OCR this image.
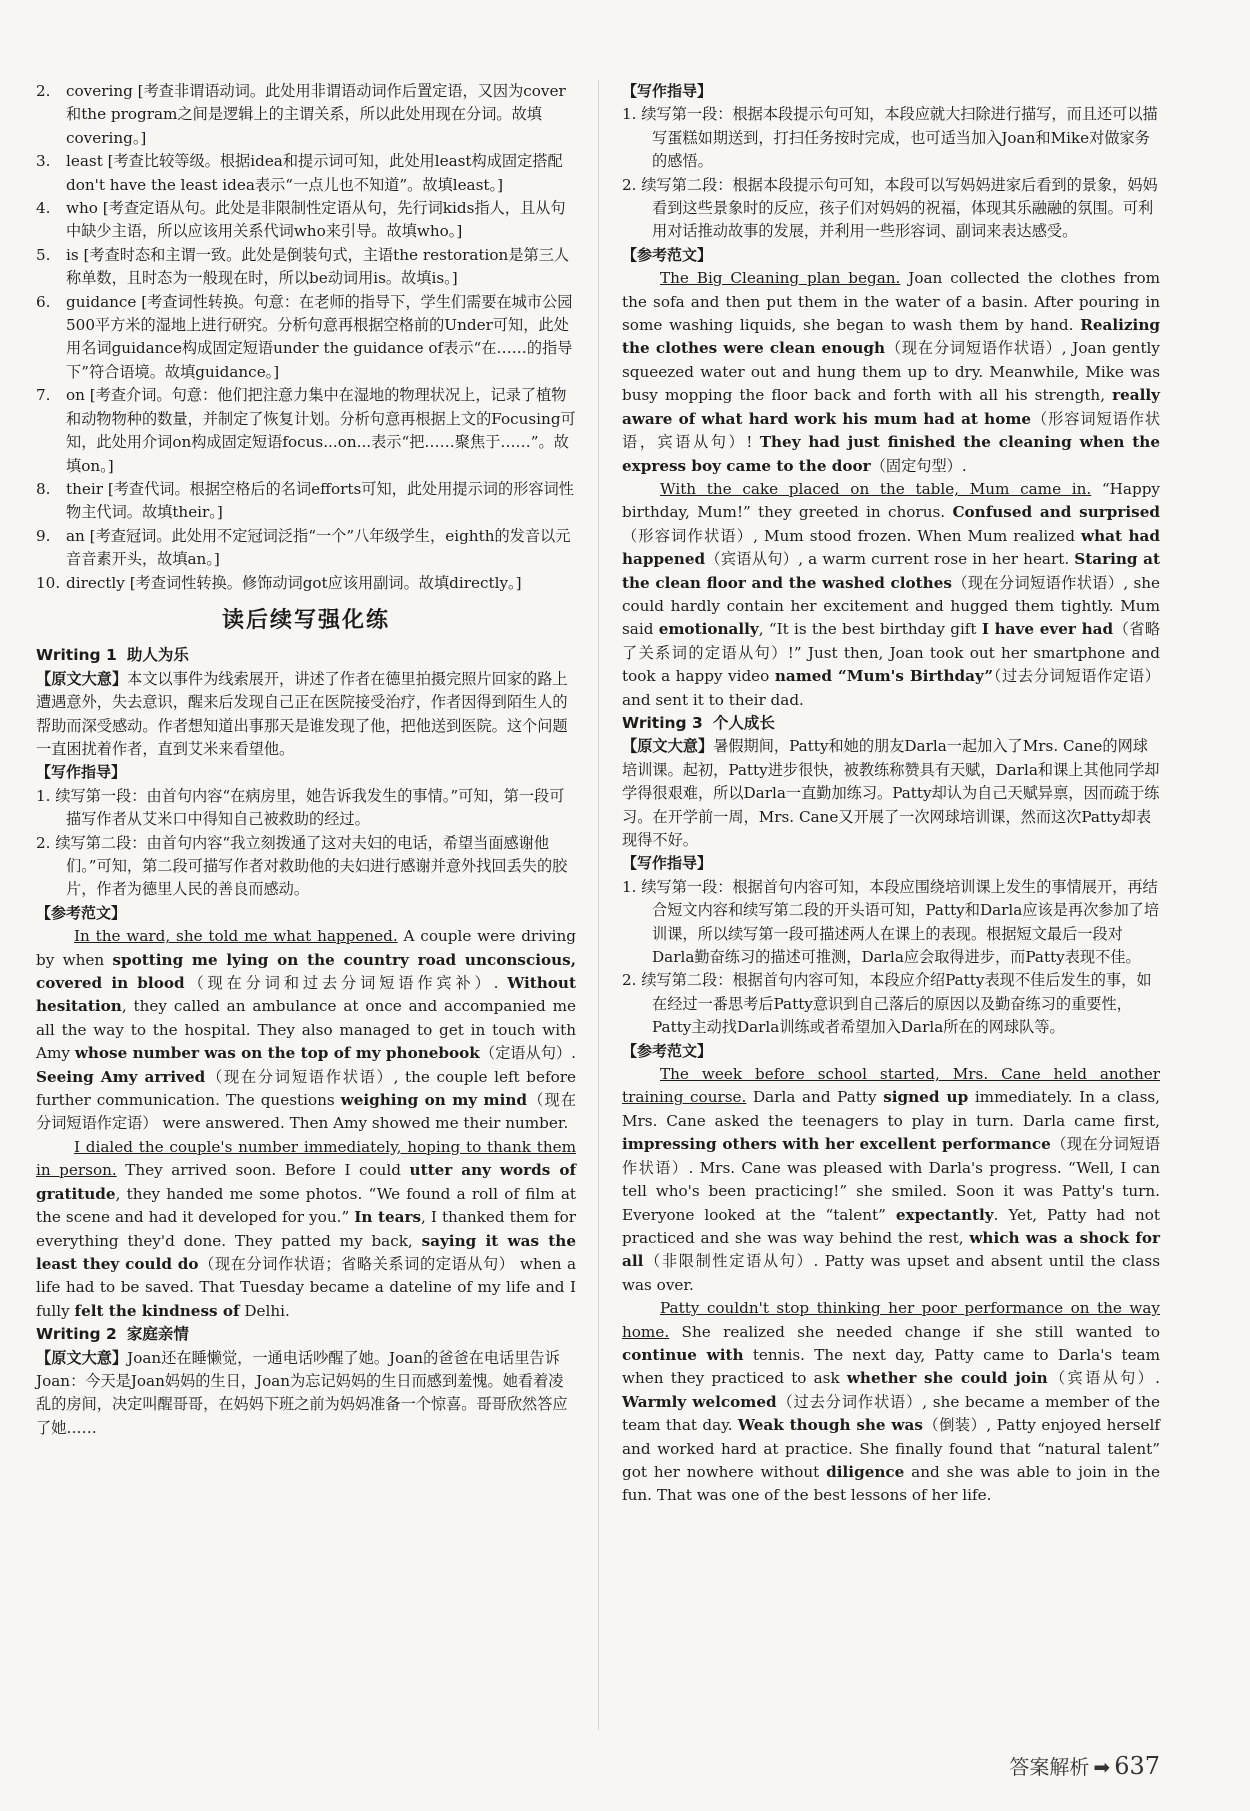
2. covering [考查非谓语动词。此处用非谓语动词作后置定语，又因为cover和the program之间是逻辑上的主谓关系，所以此处用现在分词。故填covering。]

3. least [考查比较等级。根据idea和提示词可知，此处用least构成固定搭配don't have the least idea表示“一点儿也不知道”。故填least。]

4. who [考查定语从句。此处是非限制性定语从句，先行词kids指人，且从句中缺少主语，所以应该用关系代词who来引导。故填who。]

5. is [考查时态和主谓一致。此处是倒装句式，主语the restoration是第三人称单数，且时态为一般现在时，所以be动词用is。故填is。]

6. guidance [考查词性转换。句意：在老师的指导下，学生们需要在城市公园500平方米的湿地上进行研究。分析句意再根据空格前的Under可知，此处用名词guidance构成固定短语under the guidance of表示“在……的指导下”符合语境。故填guidance。]

7. on [考查介词。句意：他们把注意力集中在湿地的物理状况上，记录了植物和动物物种的数量，并制定了恢复计划。分析句意再根据上文的Focusing可知，此处用介词on构成固定短语focus...on...表示“把……聚焦于……”。故填on。]

8. their [考查代词。根据空格后的名词efforts可知，此处用提示词的形容词性物主代词。故填their。]

9. an [考查冠词。此处用不定冠词泛指“一个”八年级学生，eighth的发音以元音音素开头，故填an。]

10. directly [考查词性转换。修饰动词got应该用副词。故填directly。]

读后续写强化练

Writing 1 助人为乐

【原文大意】本文以事件为线索展开，讲述了作者在德里拍摄完照片回家的路上遭遇意外，失去意识，醒来后发现自己正在医院接受治疗，作者因得到陌生人的帮助而深受感动。作者想知道出事那天是谁发现了他，把他送到医院。这个问题一直困扰着作者，直到艾米来看望他。

【写作指导】

1. 续写第一段：由首句内容“在病房里，她告诉我发生的事情。”可知，第一段可描写作者从艾米口中得知自己被救助的经过。

2. 续写第二段：由首句内容“我立刻拨通了这对夫妇的电话，希望当面感谢他们。”可知，第二段可描写作者对救助他的夫妇进行感谢并意外找回丢失的胶片，作者为德里人民的善良而感动。

【参考范文】

In the ward, she told me what happened. A couple were driving by when spotting me lying on the country road unconscious, covered in blood（现在分词和过去分词短语作宾补）. Without hesitation, they called an ambulance at once and accompanied me all the way to the hospital. They also managed to get in touch with Amy whose number was on the top of my phonebook（定语从句）. Seeing Amy arrived（现在分词短语作状语）, the couple left before further communication. The questions weighing on my mind（现在分词短语作定语） were answered. Then Amy showed me their number.

I dialed the couple's number immediately, hoping to thank them in person. They arrived soon. Before I could utter any words of gratitude, they handed me some photos. “We found a roll of film at the scene and had it developed for you.” In tears, I thanked them for everything they'd done. They patted my back, saying it was the least they could do（现在分词作状语；省略关系词的定语从句） when a life had to be saved. That Tuesday became a dateline of my life and I fully felt the kindness of Delhi.

Writing 2 家庭亲情

【原文大意】Joan还在睡懒觉，一通电话吵醒了她。Joan的爸爸在电话里告诉Joan：今天是Joan妈妈的生日，Joan为忘记妈妈的生日而感到羞愧。她看着凌乱的房间，决定叫醒哥哥，在妈妈下班之前为妈妈准备一个惊喜。哥哥欣然答应了她……

【写作指导】

1. 续写第一段：根据本段提示句可知，本段应就大扫除进行描写，而且还可以描写蛋糕如期送到，打扫任务按时完成，也可适当加入Joan和Mike对做家务的感悟。

2. 续写第二段：根据本段提示句可知，本段可以写妈妈进家后看到的景象，妈妈看到这些景象时的反应，孩子们对妈妈的祝福，体现其乐融融的氛围。可利用对话推动故事的发展，并利用一些形容词、副词来表达感受。

【参考范文】

The Big Cleaning plan began. Joan collected the clothes from the sofa and then put them in the water of a basin. After pouring in some washing liquids, she began to wash them by hand. Realizing the clothes were clean enough（现在分词短语作状语）, Joan gently squeezed water out and hung them up to dry. Meanwhile, Mike was busy mopping the floor back and forth with all his strength, really aware of what hard work his mum had at home（形容词短语作状语，宾语从句）! They had just finished the cleaning when the express boy came to the door（固定句型）.

With the cake placed on the table, Mum came in. “Happy birthday, Mum!” they greeted in chorus. Confused and surprised（形容词作状语）, Mum stood frozen. When Mum realized what had happened（宾语从句）, a warm current rose in her heart. Staring at the clean floor and the washed clothes（现在分词短语作状语）, she could hardly contain her excitement and hugged them tightly. Mum said emotionally, “It is the best birthday gift I have ever had（省略了关系词的定语从句）!” Just then, Joan took out her smartphone and took a happy video named “Mum's Birthday”（过去分词短语作定语） and sent it to their dad.

Writing 3 个人成长

【原文大意】暑假期间，Patty和她的朋友Darla一起加入了Mrs. Cane的网球培训课。起初，Patty进步很快，被教练称赞具有天赋，Darla和课上其他同学却学得很艰难，所以Darla一直勤加练习。Patty却认为自己天赋异禀，因而疏于练习。在开学前一周，Mrs. Cane又开展了一次网球培训课，然而这次Patty却表现得不好。

【写作指导】

1. 续写第一段：根据首句内容可知，本段应围绕培训课上发生的事情展开，再结合短文内容和续写第二段的开头语可知，Patty和Darla应该是再次参加了培训课，所以续写第一段可描述两人在课上的表现。根据短文最后一段对Darla勤奋练习的描述可推测，Darla应会取得进步，而Patty表现不佳。

2. 续写第二段：根据首句内容可知，本段应介绍Patty表现不佳后发生的事，如在经过一番思考后Patty意识到自己落后的原因以及勤奋练习的重要性，Patty主动找Darla训练或者希望加入Darla所在的网球队等。

【参考范文】

The week before school started, Mrs. Cane held another training course. Darla and Patty signed up immediately. In a class, Mrs. Cane asked the teenagers to play in turn. Darla came first, impressing others with her excellent performance（现在分词短语作状语）. Mrs. Cane was pleased with Darla's progress. “Well, I can tell who's been practicing!” she smiled. Soon it was Patty's turn. Everyone looked at the “talent” expectantly. Yet, Patty had not practiced and she was way behind the rest, which was a shock for all（非限制性定语从句）. Patty was upset and absent until the class was over.

Patty couldn't stop thinking her poor performance on the way home. She realized she needed change if she still wanted to continue with tennis. The next day, Patty came to Darla's team when they practiced to ask whether she could join（宾语从句）. Warmly welcomed（过去分词作状语）, she became a member of the team that day. Weak though she was（倒装）, Patty enjoyed herself and worked hard at practice. She finally found that “natural talent” got her nowhere without diligence and she was able to join in the fun. That was one of the best lessons of her life.

答案解析 ➡ 637
